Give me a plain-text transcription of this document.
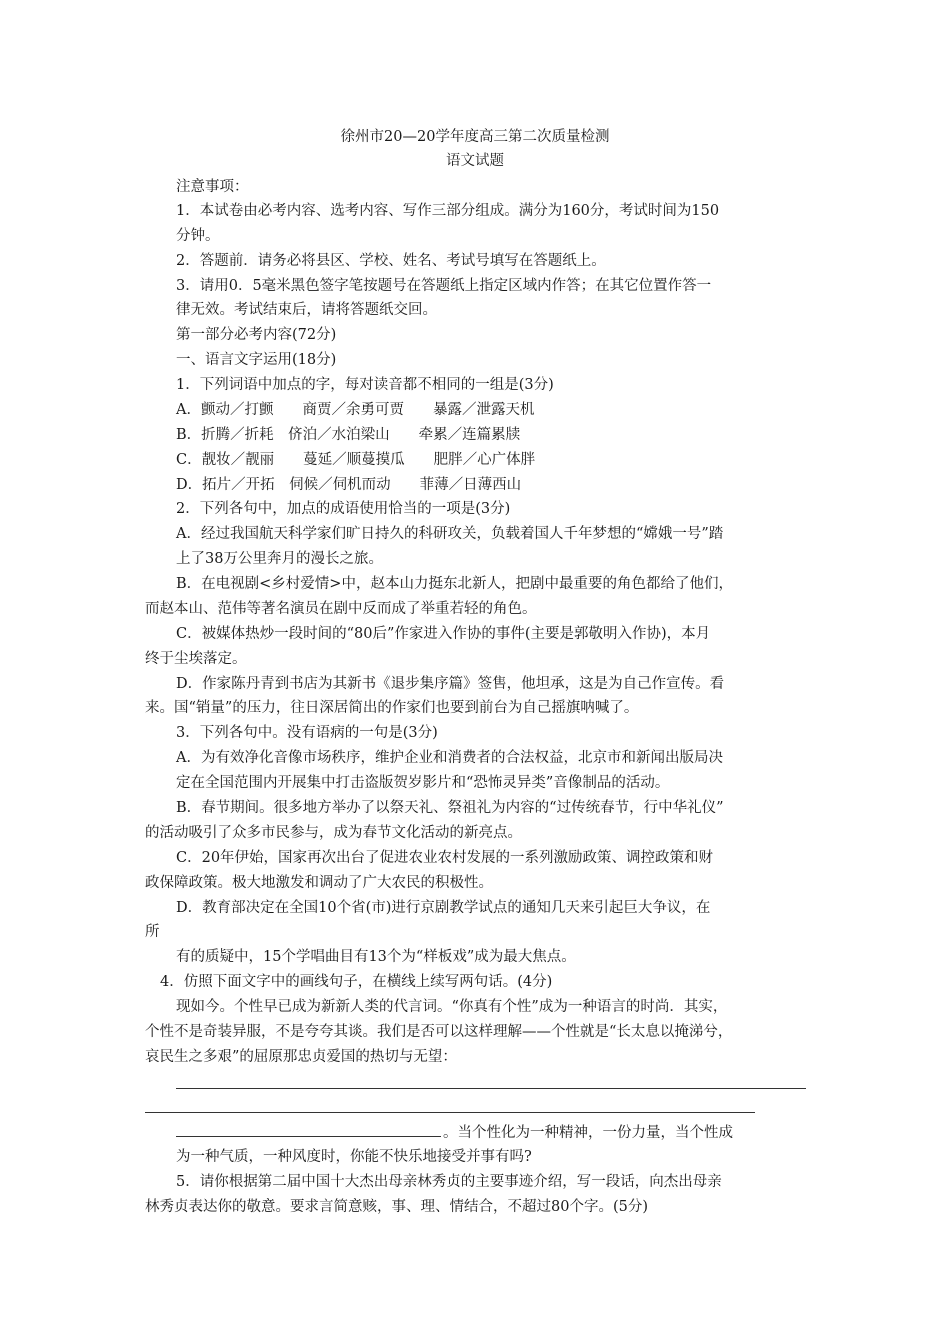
徐州市20—20学年度高三第二次质量检测
语文试题
注意事项：
1．本试卷由必考内容、选考内容、写作三部分组成。满分为160分，考试时间为150
分钟。
2．答题前．请务必将县区、学校、姓名、考试号填写在答题纸上。
3．请用0．5毫米黑色签字笔按题号在答题纸上指定区域内作答；在其它位置作答一
律无效。考试结束后，请将答题纸交回。
第一部分必考内容(72分)
一、语言文字运用(18分)
1．下列词语中加点的字，每对读音都不相同的一组是(3分)
A．颤动／打颤　　商贾／余勇可贾　　暴露／泄露天机
B．折腾／折耗　侪泊／水泊梁山　　牵累／连篇累牍
C．靓妆／靓丽　　蔓延／顺蔓摸瓜　　肥胖／心广体胖
D．拓片／开拓　伺候／伺机而动　　菲薄／日薄西山
2．下列各句中，加点的成语使用恰当的一项是(3分)
A．经过我国航天科学家们旷日持久的科研攻关，负载着国人千年梦想的“嫦娥一号”踏
上了38万公里奔月的漫长之旅。
B．在电视剧<乡村爱情>中，赵本山力挺东北新人，把剧中最重要的角色都给了他们，
而赵本山、范伟等著名演员在剧中反而成了举重若轻的角色。
C．被媒体热炒一段时间的“80后”作家进入作协的事件(主要是郭敬明入作协)，本月
终于尘埃落定。
D．作家陈丹青到书店为其新书《退步集序篇》签售，他坦承，这是为自己作宣传。看
来。国“销量”的压力，往日深居简出的作家们也要到前台为自己摇旗呐喊了。
3．下列各句中。没有语病的一句是(3分)
A．为有效净化音像市场秩序，维护企业和消费者的合法权益，北京市和新闻出版局决
定在全国范围内开展集中打击盗版贺岁影片和“恐怖灵异类”音像制品的活动。
B．春节期间。很多地方举办了以祭天礼、祭祖礼为内容的“过传统春节，行中华礼仪”
的活动吸引了众多市民参与，成为春节文化活动的新亮点。
C．20年伊始，国家再次出台了促进农业农村发展的一系列激励政策、调控政策和财
政保障政策。极大地激发和调动了广大农民的积极性。
D．教育部决定在全国10个省(市)进行京剧教学试点的通知几天来引起巨大争议，在
所
有的质疑中，15个学唱曲目有13个为“样板戏”成为最大焦点。
4．仿照下面文字中的画线句子，在横线上续写两句话。(4分)
现如今。个性早已成为新新人类的代言词。“你真有个性”成为一种语言的时尚．其实，
个性不是奇装异服，不是夸夸其谈。我们是否可以这样理解——个性就是“长太息以掩涕兮，
哀民生之多艰”的屈原那忠贞爱国的热切与无望：
。当个性化为一种精神，一份力量，当个性成
为一种气质，一种风度时，你能不快乐地接受并事有吗?
5．请你根据第二届中国十大杰出母亲林秀贞的主要事迹介绍，写一段话，向杰出母亲
林秀贞表达你的敬意。要求言简意赅，事、理、情结合，不超过80个字。(5分)
